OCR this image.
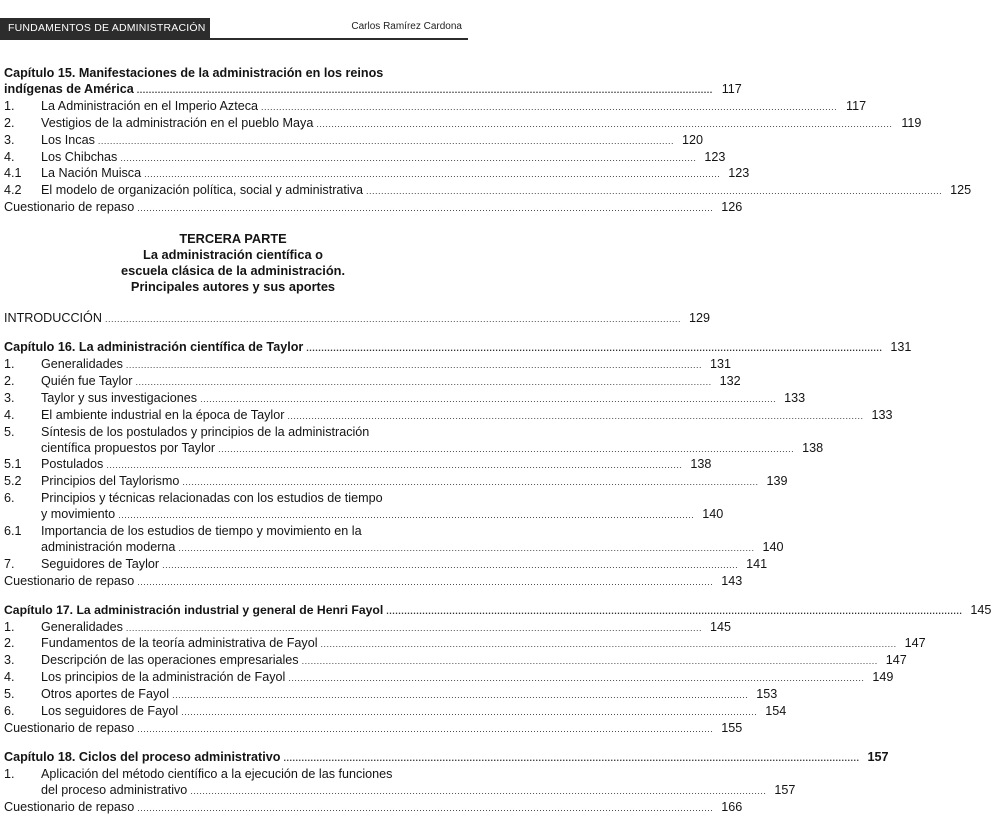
FUNDAMENTOS DE ADMINISTRACIÓN	Carlos Ramírez Cardona
Capítulo 15. Manifestaciones de la administración en los reinos
indígenas de América .....	117
1.	La Administración en el Imperio Azteca .....	117
2.	Vestigios de la administración en el pueblo Maya .....	119
3.	Los Incas .....	120
4.	Los Chibchas .....	123
4.1	La Nación Muisca .....	123
4.2	El modelo de organización política, social y administrativa .....	125
Cuestionario de repaso .....	126

TERCERA PARTE

La administración científica o

escuela clásica de la administración.

Principales autores y sus aportes

INTRODUCCIÓN .....	129
Capítulo 16. La administración científica de Taylor .....	131
1.	Generalidades .....	131
2.	Quién fue Taylor .....	132
3.	Taylor y sus investigaciones .....	133
4.	El ambiente industrial en la época de Taylor .....	133
5.	Síntesis de los postulados y principios de la administración
científica propuestos por Taylor .....	138
5.1	Postulados .....	138
5.2	Principios del Taylorismo .....	139
6.	Principios y técnicas relacionadas con los estudios de tiempo
y movimiento .....	140
6.1	Importancia de los estudios de tiempo y movimiento en la
administración moderna .....	140
7.	Seguidores de Taylor .....	141
Cuestionario de repaso .....	143
Capítulo 17. La administración industrial y general de Henri Fayol .....	145
1.	Generalidades .....	145
2.	Fundamentos de la teoría administrativa de Fayol .....	147
3.	Descripción de las operaciones empresariales .....	147
4.	Los principios de la administración de Fayol .....	149
5.	Otros aportes de Fayol .....	153
6.	Los seguidores de Fayol .....	154
Cuestionario de repaso .....	155
Capítulo 18. Ciclos del proceso administrativo .....	157
1.	Aplicación del método científico a la ejecución de las funciones
del proceso administrativo .....	157
Cuestionario de repaso .....	166
